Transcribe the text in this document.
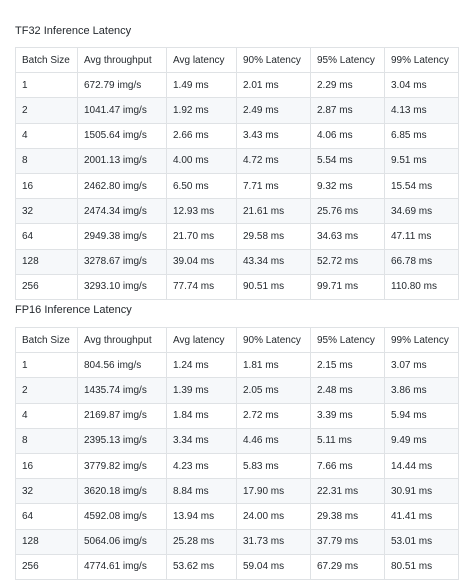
TF32 Inference Latency
Batch Size	Avg throughput	Avg latency	90% Latency	95% Latency	99% Latency
1	672.79 img/s	1.49 ms	2.01 ms	2.29 ms	3.04 ms
2	1041.47 img/s	1.92 ms	2.49 ms	2.87 ms	4.13 ms
4	1505.64 img/s	2.66 ms	3.43 ms	4.06 ms	6.85 ms
8	2001.13 img/s	4.00 ms	4.72 ms	5.54 ms	9.51 ms
16	2462.80 img/s	6.50 ms	7.71 ms	9.32 ms	15.54 ms
32	2474.34 img/s	12.93 ms	21.61 ms	25.76 ms	34.69 ms
64	2949.38 img/s	21.70 ms	29.58 ms	34.63 ms	47.11 ms
128	3278.67 img/s	39.04 ms	43.34 ms	52.72 ms	66.78 ms
256	3293.10 img/s	77.74 ms	90.51 ms	99.71 ms	110.80 ms
FP16 Inference Latency
Batch Size	Avg throughput	Avg latency	90% Latency	95% Latency	99% Latency
1	804.56 img/s	1.24 ms	1.81 ms	2.15 ms	3.07 ms
2	1435.74 img/s	1.39 ms	2.05 ms	2.48 ms	3.86 ms
4	2169.87 img/s	1.84 ms	2.72 ms	3.39 ms	5.94 ms
8	2395.13 img/s	3.34 ms	4.46 ms	5.11 ms	9.49 ms
16	3779.82 img/s	4.23 ms	5.83 ms	7.66 ms	14.44 ms
32	3620.18 img/s	8.84 ms	17.90 ms	22.31 ms	30.91 ms
64	4592.08 img/s	13.94 ms	24.00 ms	29.38 ms	41.41 ms
128	5064.06 img/s	25.28 ms	31.73 ms	37.79 ms	53.01 ms
256	4774.61 img/s	53.62 ms	59.04 ms	67.29 ms	80.51 ms
